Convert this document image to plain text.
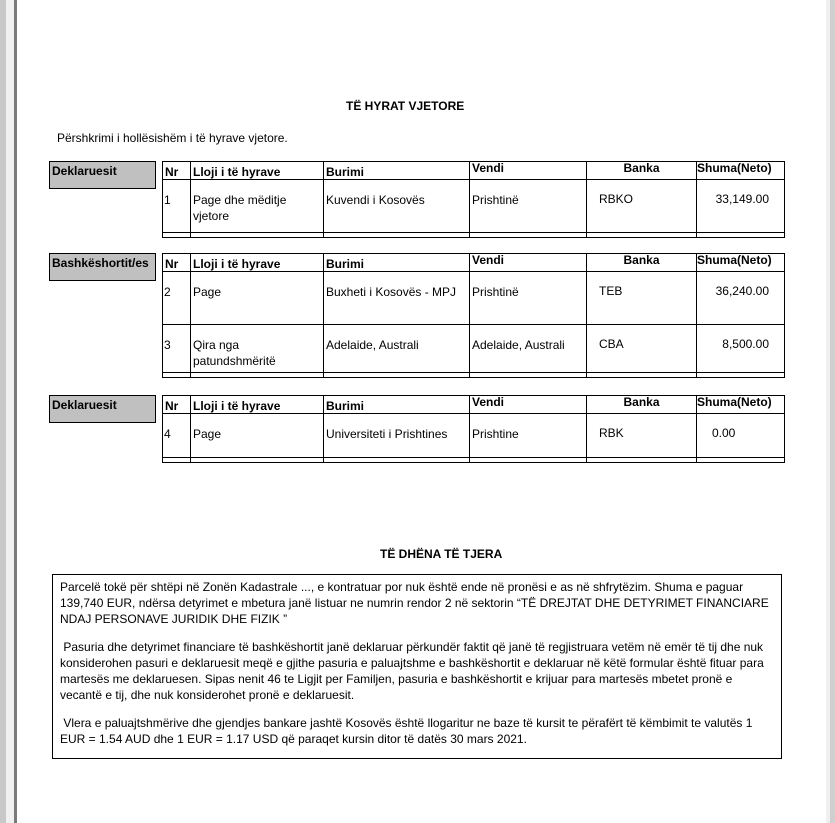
TË HYRAT VJETORE
Përshkrimi i hollësishëm i të hyrave vjetore.
Deklaruesit	Nr	Lloji i të hyrave	Burimi	Vendi	Banka	Shuma(Neto)

1	Page dhe mëditje vjetore	Kuvendi i Kosovës	Prishtinë	RBKO	33,149.00

Bashkëshortit/es	Nr	Lloji i të hyrave	Burimi	Vendi	Banka	Shuma(Neto)

2	Page	Buxheti i Kosovës - MPJ	Prishtinë	TEB	36,240.00

3	Qira nga patundshmëritë	Adelaide, Australi	Adelaide, Australi	CBA	8,500.00

Deklaruesit	Nr	Lloji i të hyrave	Burimi	Vendi	Banka	Shuma(Neto)

4	Page	Universiteti i Prishtines	Prishtine	RBK	0.00

TË DHËNA TË TJERA

Parcelë tokë për shtëpi në Zonën Kadastrale ..., e kontratuar por nuk është ende në pronësi e as në shfrytëzim. Shuma e paguar 139,740 EUR, ndërsa detyrimet e mbetura janë listuar ne numrin rendor 2 në sektorin “TË DREJTAT DHE DETYRIMET FINANCIARE NDAJ PERSONAVE JURIDIK DHE FIZIK ”

Pasuria dhe detyrimet financiare të bashkëshortit janë deklaruar përkundër faktit që janë të regjistruara vetëm në emër të tij dhe nuk konsiderohen pasuri e deklaruesit meqë e gjithe pasuria e paluajtshme e bashkëshortit e deklaruar në këtë formular është fituar para martesës me deklaruesen. Sipas nenit 46 te Ligjit per Familjen, pasuria e bashkëshortit e krijuar para martesës mbetet pronë e vecantë e tij, dhe nuk konsiderohet pronë e deklaruesit.

Vlera e paluajtshmërive dhe gjendjes bankare jashtë Kosovës është llogaritur ne baze të kursit te përafërt të këmbimit te valutës 1 EUR = 1.54 AUD dhe 1 EUR = 1.17 USD që paraqet kursin ditor të datës 30 mars 2021.
